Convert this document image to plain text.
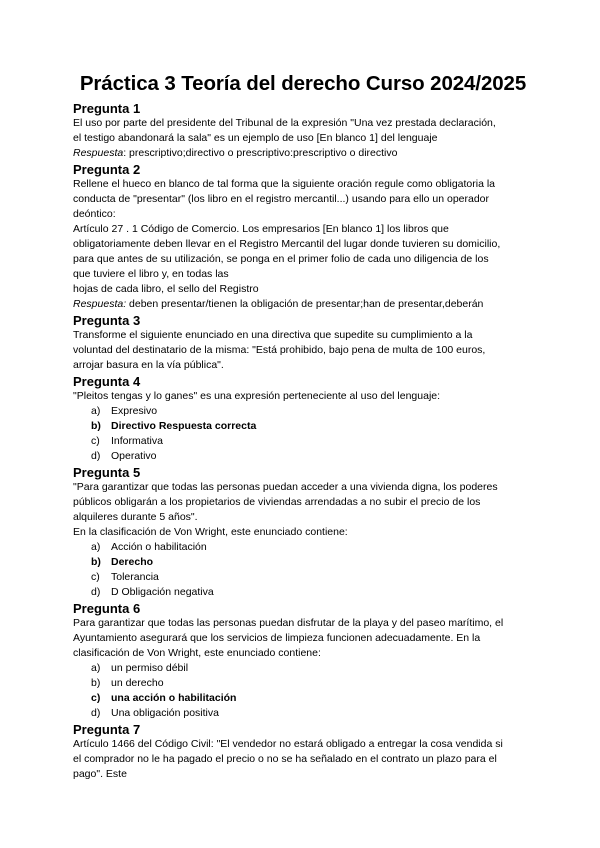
Práctica 3 Teoría del derecho Curso 2024/2025
Pregunta 1

El uso por parte del presidente del Tribunal de la expresión "Una vez prestada declaración,

el testigo abandonará la sala" es un ejemplo de uso [En blanco 1] del lenguaje

Respuesta: prescriptivo;directivo o prescriptivo:prescriptivo o directivo

Pregunta 2

Rellene el hueco en blanco de tal forma que la siguiente oración regule como obligatoria la

conducta de "presentar" (los libro en el registro mercantil...) usando para ello un operador

deóntico:

Artículo 27 . 1 Código de Comercio. Los empresarios [En blanco 1] los libros que

obligatoriamente deben llevar en el Registro Mercantil del lugar donde tuvieren su domicilio,

para que antes de su utilización, se ponga en el primer folio de cada uno diligencia de los

que tuviere el libro y, en todas las

hojas de cada libro, el sello del Registro

Respuesta: deben presentar/tienen la obligación de presentar;han de presentar,deberán

Pregunta 3

Transforme el siguiente enunciado en una directiva que supedite su cumplimiento a la

voluntad del destinatario de la misma: "Está prohibido, bajo pena de multa de 100 euros,

arrojar basura en la vía pública".

Pregunta 4

"Pleitos tengas y lo ganes" es una expresión perteneciente al uso del lenguaje:

a)	Expresivo
b) Directivo Respuesta correcta
c)	Informativa
d)	Operativo
Pregunta 5

"Para garantizar que todas las personas puedan acceder a una vivienda digna, los poderes

públicos obligarán a los propietarios de viviendas arrendadas a no subir el precio de los

alquileres durante 5 años".

En la clasificación de Von Wright, este enunciado contiene:

a)	Acción o habilitación
b) Derecho
c)	Tolerancia
d)	D Obligación negativa
Pregunta 6

Para garantizar que todas las personas puedan disfrutar de la playa y del paseo marítimo, el

Ayuntamiento asegurará que los servicios de limpieza funcionen adecuadamente. En la

clasificación de Von Wright, este enunciado contiene:

a)	un permiso débil
b)	un derecho
c)	una acción o habilitación
d)	Una obligación positiva
Pregunta 7

Artículo 1466 del Código Civil: "El vendedor no estará obligado a entregar la cosa vendida si

el comprador no le ha pagado el precio o no se ha señalado en el contrato un plazo para el

pago". Este
